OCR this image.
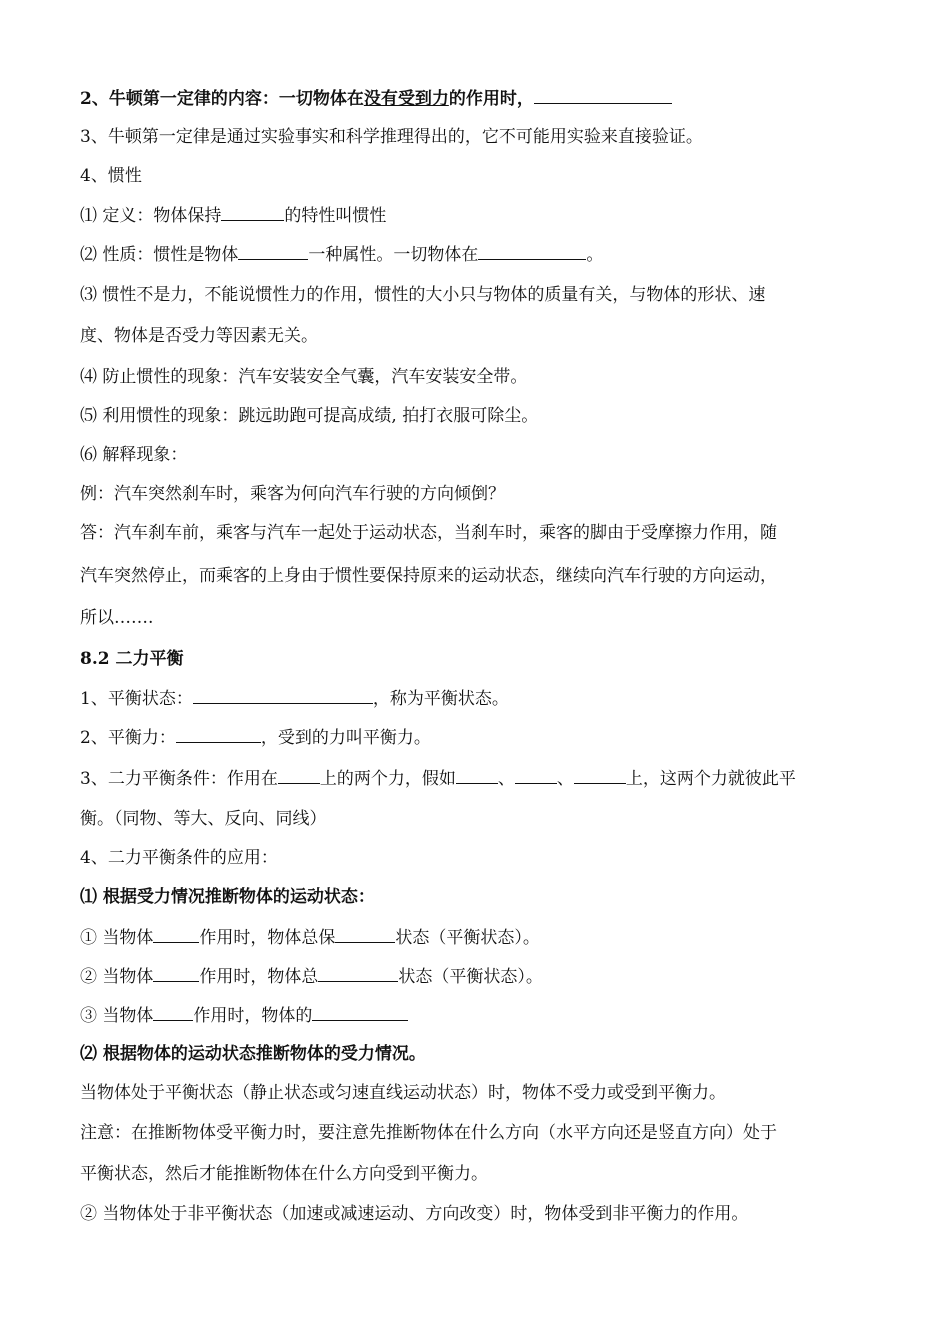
2、牛顿第一定律的内容：一切物体在没有受到力的作用时，
3、牛顿第一定律是通过实验事实和科学推理得出的，它不可能用实验来直接验证。
4、惯性
⑴ 定义：物体保持	的特性叫惯性
⑵ 性质：惯性是物体	一种属性。一切物体在	。
⑶ 惯性不是力，不能说惯性力的作用，惯性的大小只与物体的质量有关，与物体的形状、速
度、物体是否受力等因素无关。
⑷ 防止惯性的现象：汽车安装安全气囊，汽车安装安全带。
⑸ 利用惯性的现象：跳远助跑可提高成绩, 拍打衣服可除尘。
⑹ 解释现象：
例：汽车突然刹车时，乘客为何向汽车行驶的方向倾倒？
答：汽车刹车前，乘客与汽车一起处于运动状态，当刹车时，乘客的脚由于受摩擦力作用，随
汽车突然停止，而乘客的上身由于惯性要保持原来的运动状态，继续向汽车行驶的方向运动，
所以…….
8.2 二力平衡
1、平衡状态：	，称为平衡状态。
2、平衡力：	，受到的力叫平衡力。
3、二力平衡条件：作用在 上的两个力，假如 、 、	上，这两个力就彼此平
衡。（同物、等大、反向、同线）
4、二力平衡条件的应用：
⑴ 根据受力情况推断物体的运动状态：
① 当物体	作用时，物体总保	状态（平衡状态）。
② 当物体	作用时，物体总	状态（平衡状态）。
③ 当物体 作用时，物体的
⑵ 根据物体的运动状态推断物体的受力情况。
当物体处于平衡状态（静止状态或匀速直线运动状态）时，物体不受力或受到平衡力。
注意：在推断物体受平衡力时，要注意先推断物体在什么方向（水平方向还是竖直方向）处于
平衡状态，然后才能推断物体在什么方向受到平衡力。
② 当物体处于非平衡状态（加速或减速运动、方向改变）时，物体受到非平衡力的作用。
